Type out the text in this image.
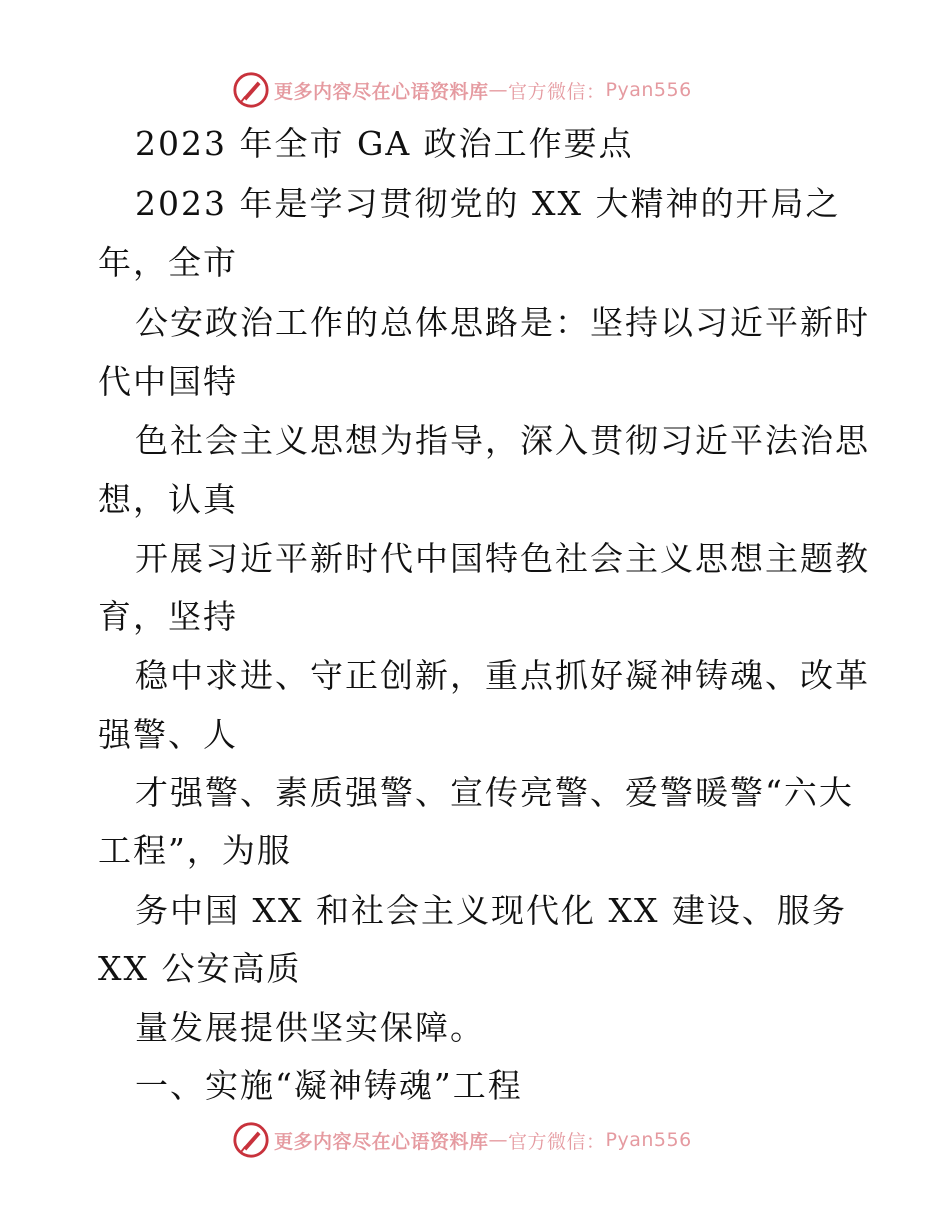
更多内容尽在心语资料库 — 官方微信： Pyan556
2023 年全市 GA 政治工作要点
2023 年是学习贯彻党的 XX 大精神的开局之
年，全市
公安政治工作的总体思路是：坚持以习近平新时
代中国特
色社会主义思想为指导，深入贯彻习近平法治思
想，认真
开展习近平新时代中国特色社会主义思想主题教
育，坚持
稳中求进、守正创新，重点抓好凝神铸魂、改革
强警、人
才强警、素质强警、宣传亮警、爱警暖警“六大
工程”，为服
务中国 XX 和社会主义现代化 XX 建设、服务
XX 公安高质
量发展提供坚实保障。
一、实施“凝神铸魂”工程
更多内容尽在心语资料库 — 官方微信： Pyan556
